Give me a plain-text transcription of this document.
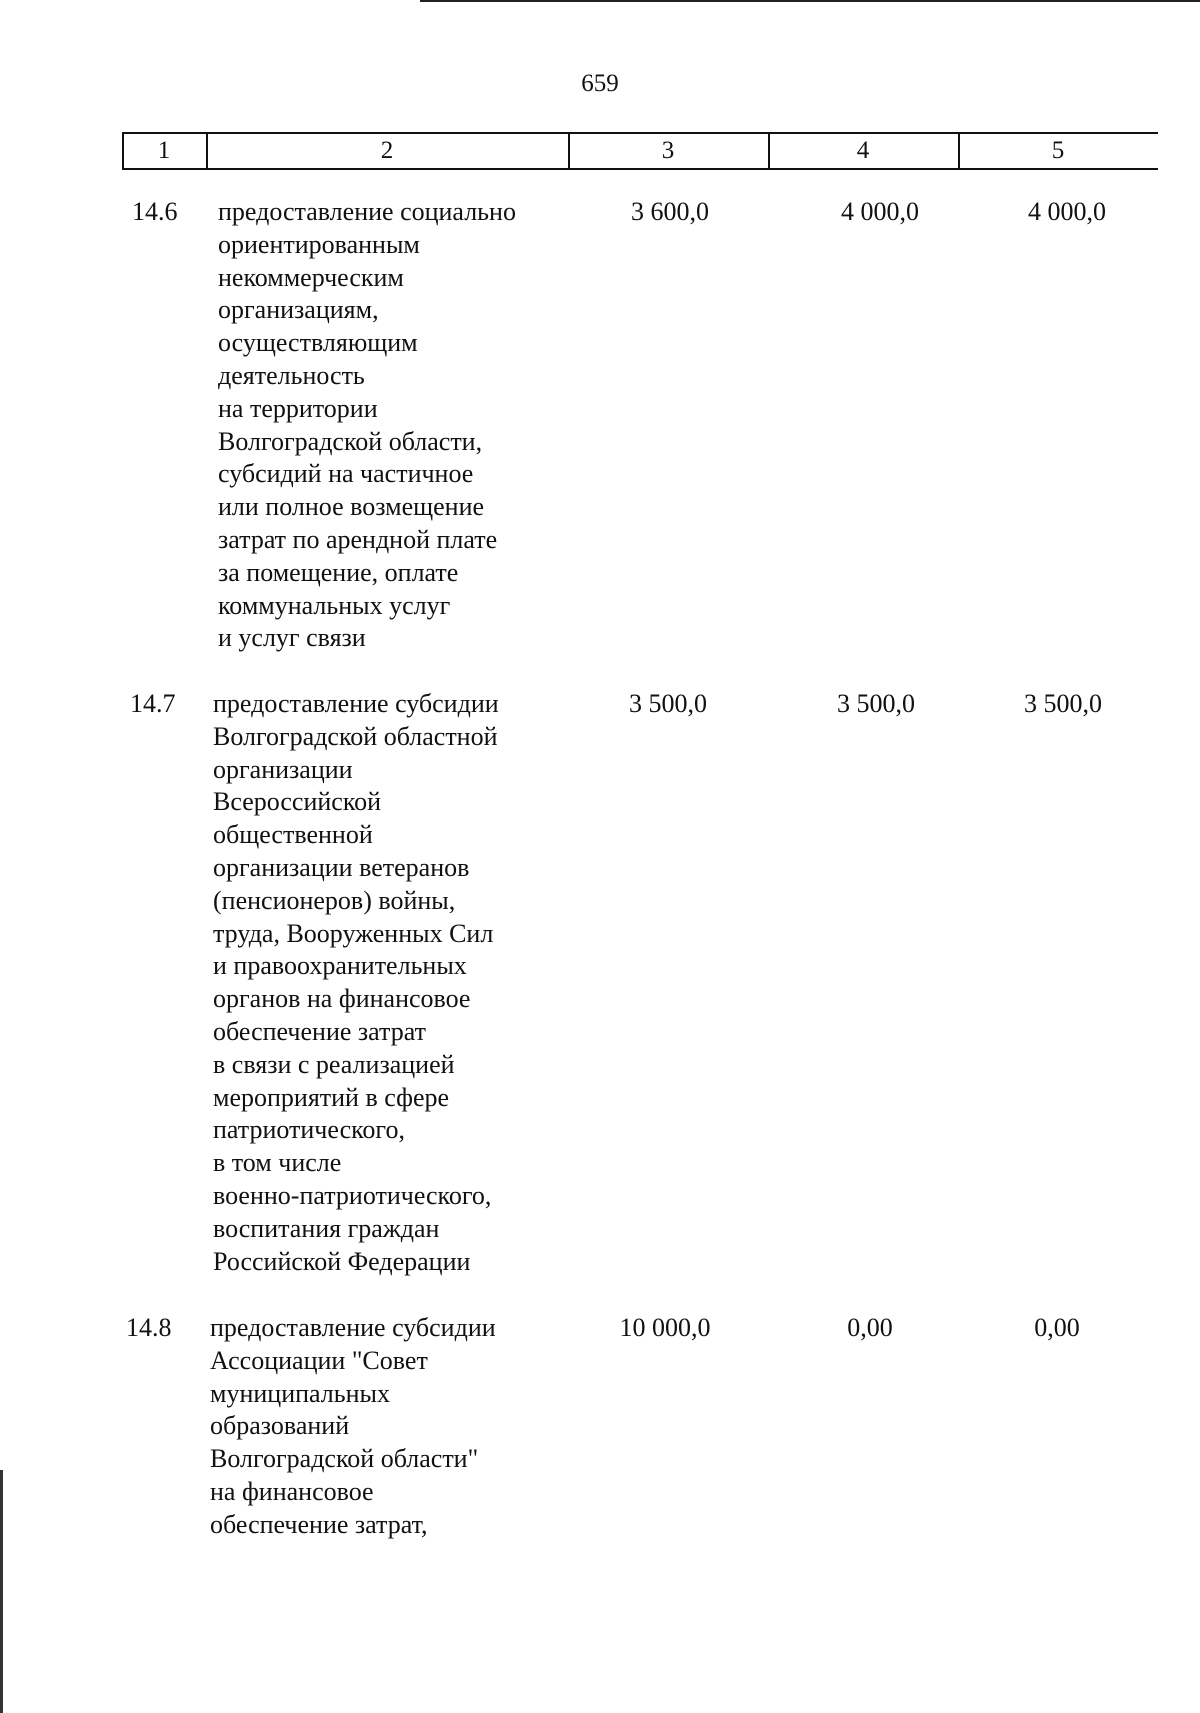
659
1	2	3	4	5
14.6 предоставление социально
ориентированным
некоммерческим
организациям,
осуществляющим
деятельность
на территории
Волгоградской области,
субсидий на частичное
или полное возмещение
затрат по арендной плате
за помещение, оплате
коммунальных услуг
и услуг связи
3 600,0	4 000,0	4 000,0
14.7 предоставление субсидии
Волгоградской областной
организации
Всероссийской
общественной
организации ветеранов
(пенсионеров) войны,
труда, Вооруженных Сил
и правоохранительных
органов на финансовое
обеспечение затрат
в связи с реализацией
мероприятий в сфере
патриотического,
в том числе
военно-патриотического,
воспитания граждан
Российской Федерации
3 500,0	3 500,0	3 500,0
14.8 предоставление субсидии
Ассоциации "Совет
муниципальных
образований
Волгоградской области"
на финансовое
обеспечение затрат,
10 000,0	0,00	0,00
